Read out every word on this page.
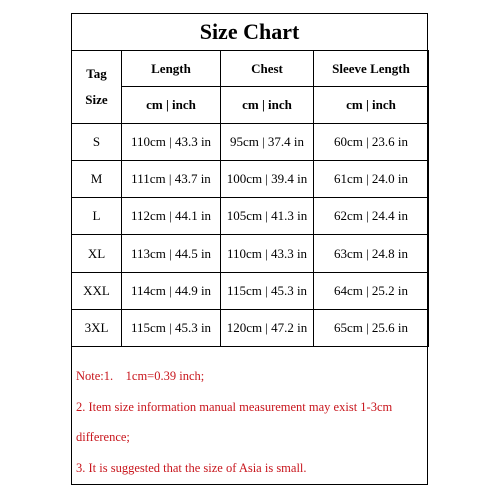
Size Chart
Tag
Size	Length	Chest	Sleeve Length
	cm | inch	cm | inch	cm | inch
S	110cm | 43.3 in	95cm | 37.4 in	60cm | 23.6 in
M	111cm | 43.7 in	100cm | 39.4 in	61cm | 24.0 in
L	112cm | 44.1 in	105cm | 41.3 in	62cm | 24.4 in
XL	113cm | 44.5 in	110cm | 43.3 in	63cm | 24.8 in
XXL	114cm | 44.9 in	115cm | 45.3 in	64cm | 25.2 in
3XL	115cm | 45.3 in	120cm | 47.2 in	65cm | 25.6 in
Note:1.    1cm=0.39 inch;
2. Item size information manual measurement may exist 1-3cm
difference;
3. It is suggested that the size of Asia is small.
